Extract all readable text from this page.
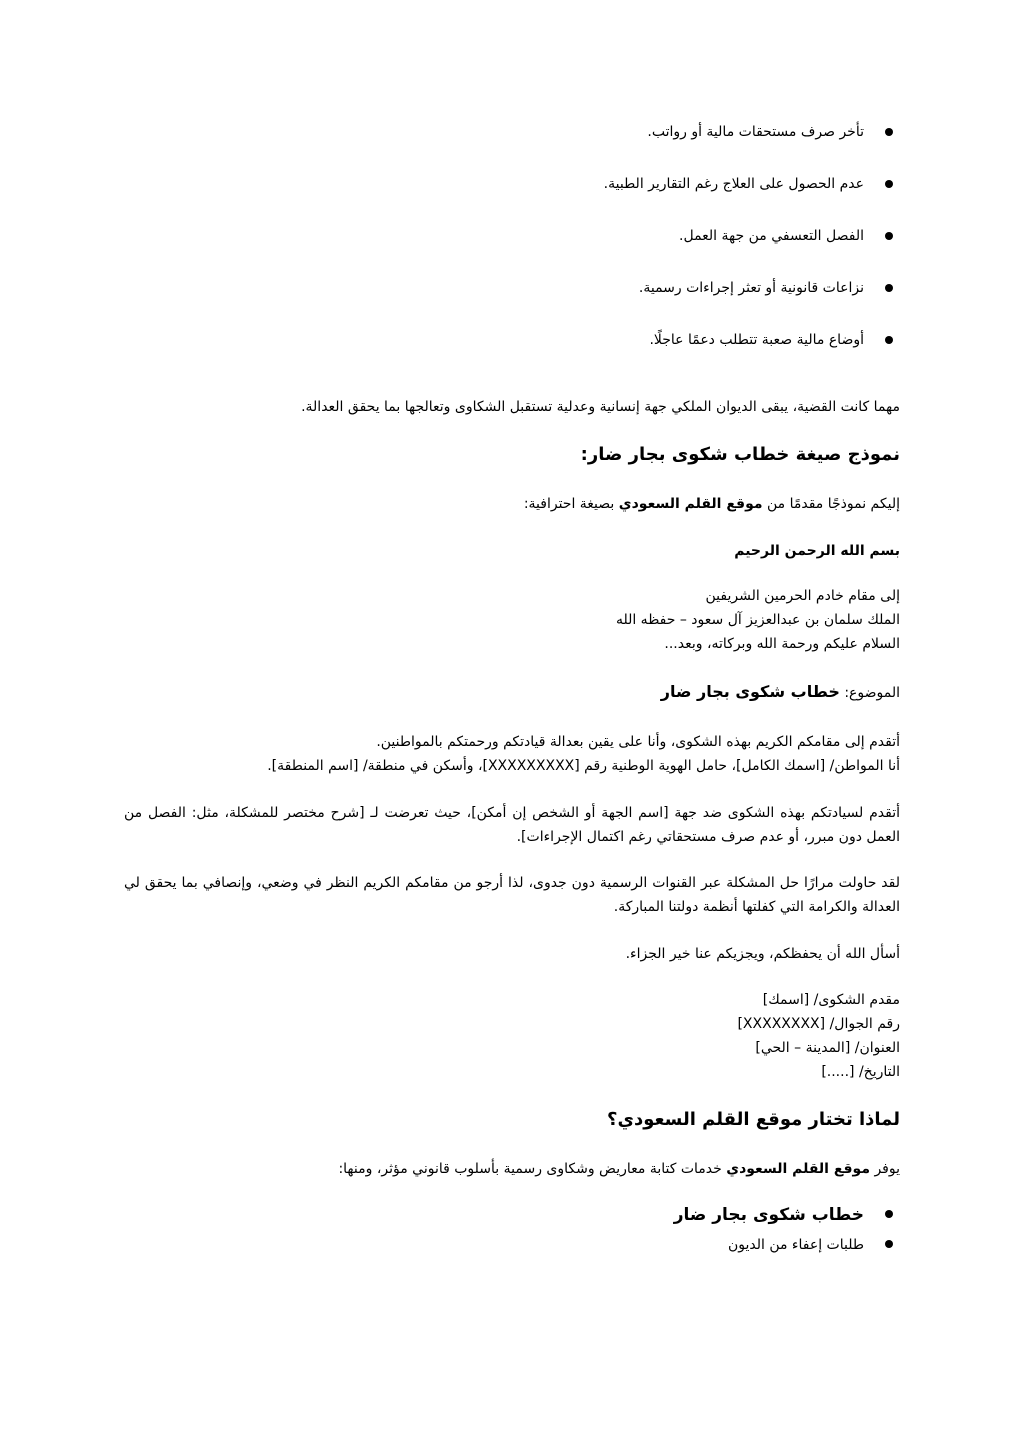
تأخر صرف مستحقات مالية أو رواتب.
عدم الحصول على العلاج رغم التقارير الطبية.
الفصل التعسفي من جهة العمل.
نزاعات قانونية أو تعثر إجراءات رسمية.
أوضاع مالية صعبة تتطلب دعمًا عاجلًا.
مهما كانت القضية، يبقى الديوان الملكي جهة إنسانية وعدلية تستقبل الشكاوى وتعالجها بما يحقق العدالة.
نموذج صيغة خطاب شكوى بجار ضار:
إليكم نموذجًا مقدمًا من موقع القلم السعودي بصيغة احترافية:
بسم الله الرحمن الرحيم
إلى مقام خادم الحرمين الشريفين
الملك سلمان بن عبدالعزيز آل سعود – حفظه الله
السلام عليكم ورحمة الله وبركاته، وبعد...
الموضوع: خطاب شكوى بجار ضار
أتقدم إلى مقامكم الكريم بهذه الشكوى، وأنا على يقين بعدالة قيادتكم ورحمتكم بالمواطنين.
أنا المواطن/ [اسمك الكامل]، حامل الهوية الوطنية رقم [XXXXXXXXX]، وأسكن في منطقة/ [اسم المنطقة].
أتقدم لسيادتكم بهذه الشكوى ضد جهة [اسم الجهة أو الشخص إن أمكن]، حيث تعرضت لـ [شرح مختصر للمشكلة، مثل: الفصل من العمل دون مبرر، أو عدم صرف مستحقاتي رغم اكتمال الإجراءات].
لقد حاولت مرارًا حل المشكلة عبر القنوات الرسمية دون جدوى، لذا أرجو من مقامكم الكريم النظر في وضعي، وإنصافي بما يحقق لي العدالة والكرامة التي كفلتها أنظمة دولتنا المباركة.
أسأل الله أن يحفظكم، ويجزيكم عنا خير الجزاء.
مقدم الشكوى/ [اسمك]
رقم الجوال/ [XXXXXXXX]
العنوان/ [المدينة – الحي]
التاريخ/ [.....]
لماذا تختار موقع القلم السعودي؟
يوفر موقع القلم السعودي خدمات كتابة معاريض وشكاوى رسمية بأسلوب قانوني مؤثر، ومنها:
خطاب شكوى بجار ضار
طلبات إعفاء من الديون
